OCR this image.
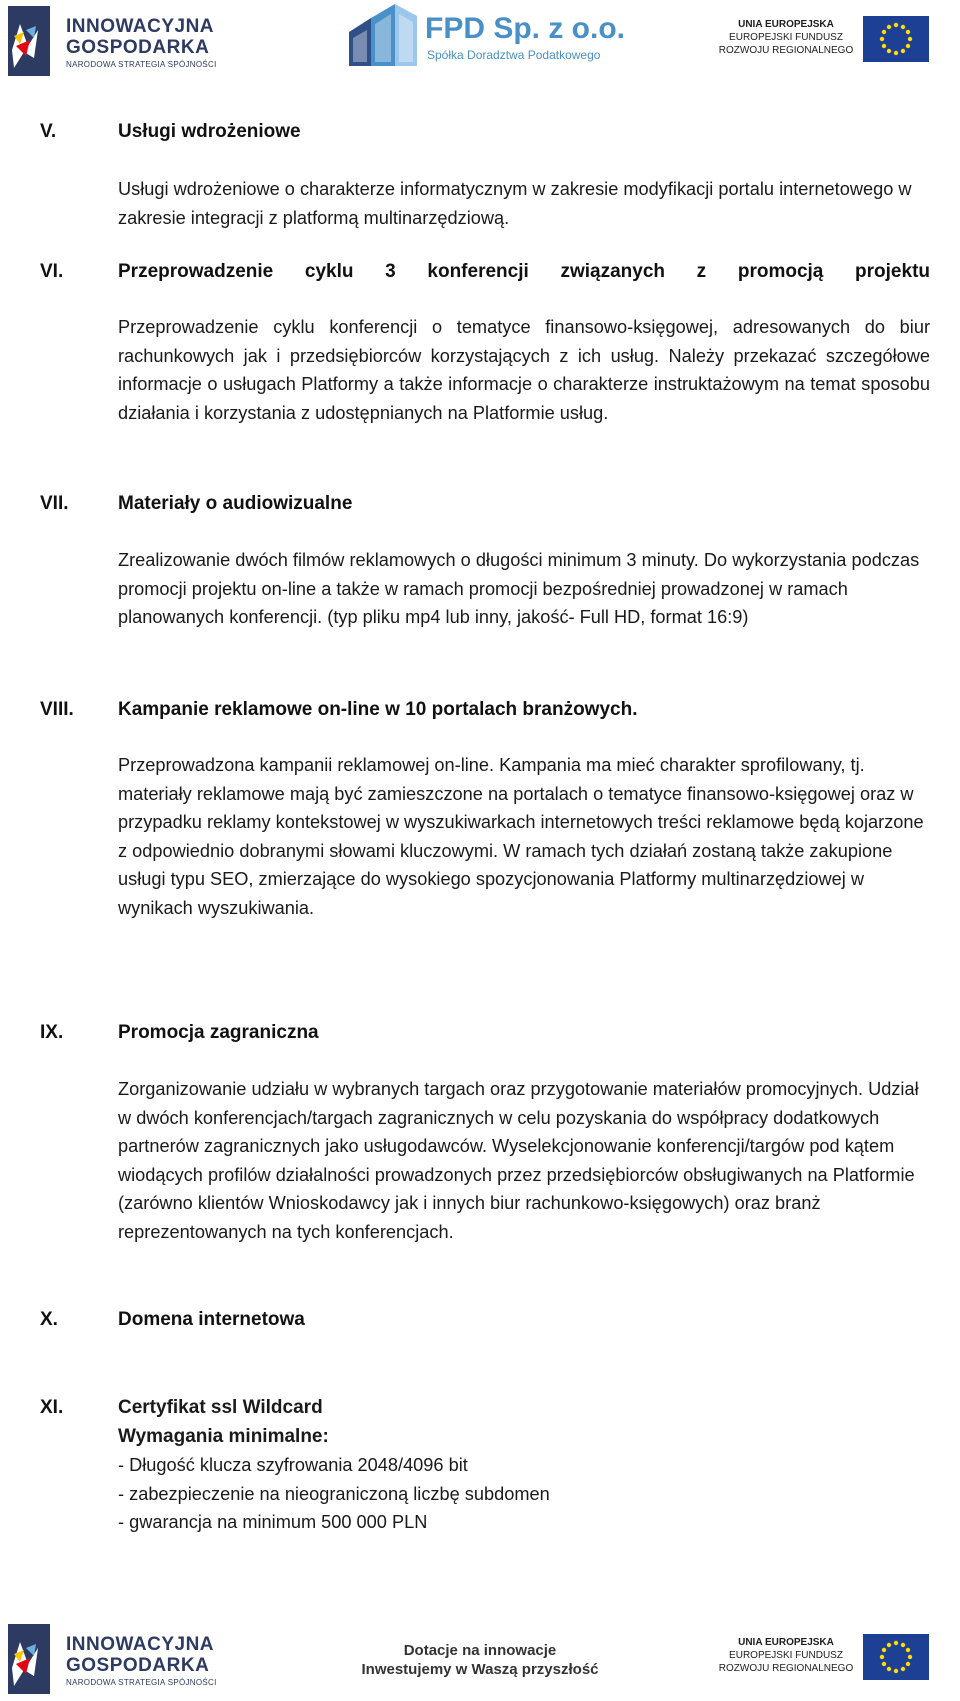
INNOWACYJNA
GOSPODARKA
NARODOWA STRATEGIA SPÓJNOŚCI
FPD Sp. z o.o.
Spółka Doradztwa Podatkowego
UNIA EUROPEJSKA
EUROPEJSKI FUNDUSZ
ROZWOJU REGIONALNEGO
V.	Usługi wdrożeniowe

Usługi wdrożeniowe o charakterze informatycznym w zakresie modyfikacji portalu internetowego w zakresie integracji z platformą multinarzędziową.

VI.	Przeprowadzenie cyklu 3 konferencji związanych z promocją projektu

Przeprowadzenie cyklu konferencji o tematyce finansowo-księgowej, adresowanych do biur rachunkowych jak i przedsiębiorców korzystających z ich usług. Należy przekazać szczegółowe informacje o usługach Platformy a także informacje o charakterze instruktażowym na temat sposobu działania i korzystania z udostępnianych na Platformie usług.

VII.	Materiały o audiowizualne

Zrealizowanie dwóch filmów reklamowych o długości minimum 3 minuty. Do wykorzystania podczas promocji projektu on-line a także w ramach promocji bezpośredniej prowadzonej w ramach planowanych konferencji. (typ pliku mp4 lub inny, jakość- Full HD, format 16:9)

VIII. Kampanie reklamowe on-line w 10 portalach branżowych.

Przeprowadzona kampanii reklamowej on-line. Kampania ma mieć charakter sprofilowany, tj. materiały reklamowe mają być zamieszczone na portalach o tematyce finansowo-księgowej oraz w przypadku reklamy kontekstowej w wyszukiwarkach internetowych treści reklamowe będą kojarzone z odpowiednio dobranymi słowami kluczowymi. W ramach tych działań zostaną także zakupione usługi typu SEO, zmierzające do wysokiego spozycjonowania Platformy multinarzędziowej w wynikach wyszukiwania.

IX.	Promocja zagraniczna

Zorganizowanie udziału w wybranych targach oraz przygotowanie materiałów promocyjnych. Udział w dwóch konferencjach/targach zagranicznych w celu pozyskania do współpracy dodatkowych partnerów zagranicznych jako usługodawców. Wyselekcjonowanie konferencji/targów pod kątem wiodących profilów działalności prowadzonych przez przedsiębiorców obsługiwanych na Platformie (zarówno klientów Wnioskodawcy jak i innych biur rachunkowo-księgowych) oraz branż reprezentowanych na tych konferencjach.

X.	Domena internetowa
XI.	Certyfikat ssl Wildcard
Wymagania minimalne:
- Długość klucza szyfrowania 2048/4096 bit
- zabezpieczenie na nieograniczoną liczbę subdomen
- gwarancja na minimum 500 000 PLN
INNOWACYJNA
GOSPODARKA
NARODOWA STRATEGIA SPÓJNOŚCI
Dotacje na innowacje
Inwestujemy w Waszą przyszłość
UNIA EUROPEJSKA
EUROPEJSKI FUNDUSZ
ROZWOJU REGIONALNEGO
